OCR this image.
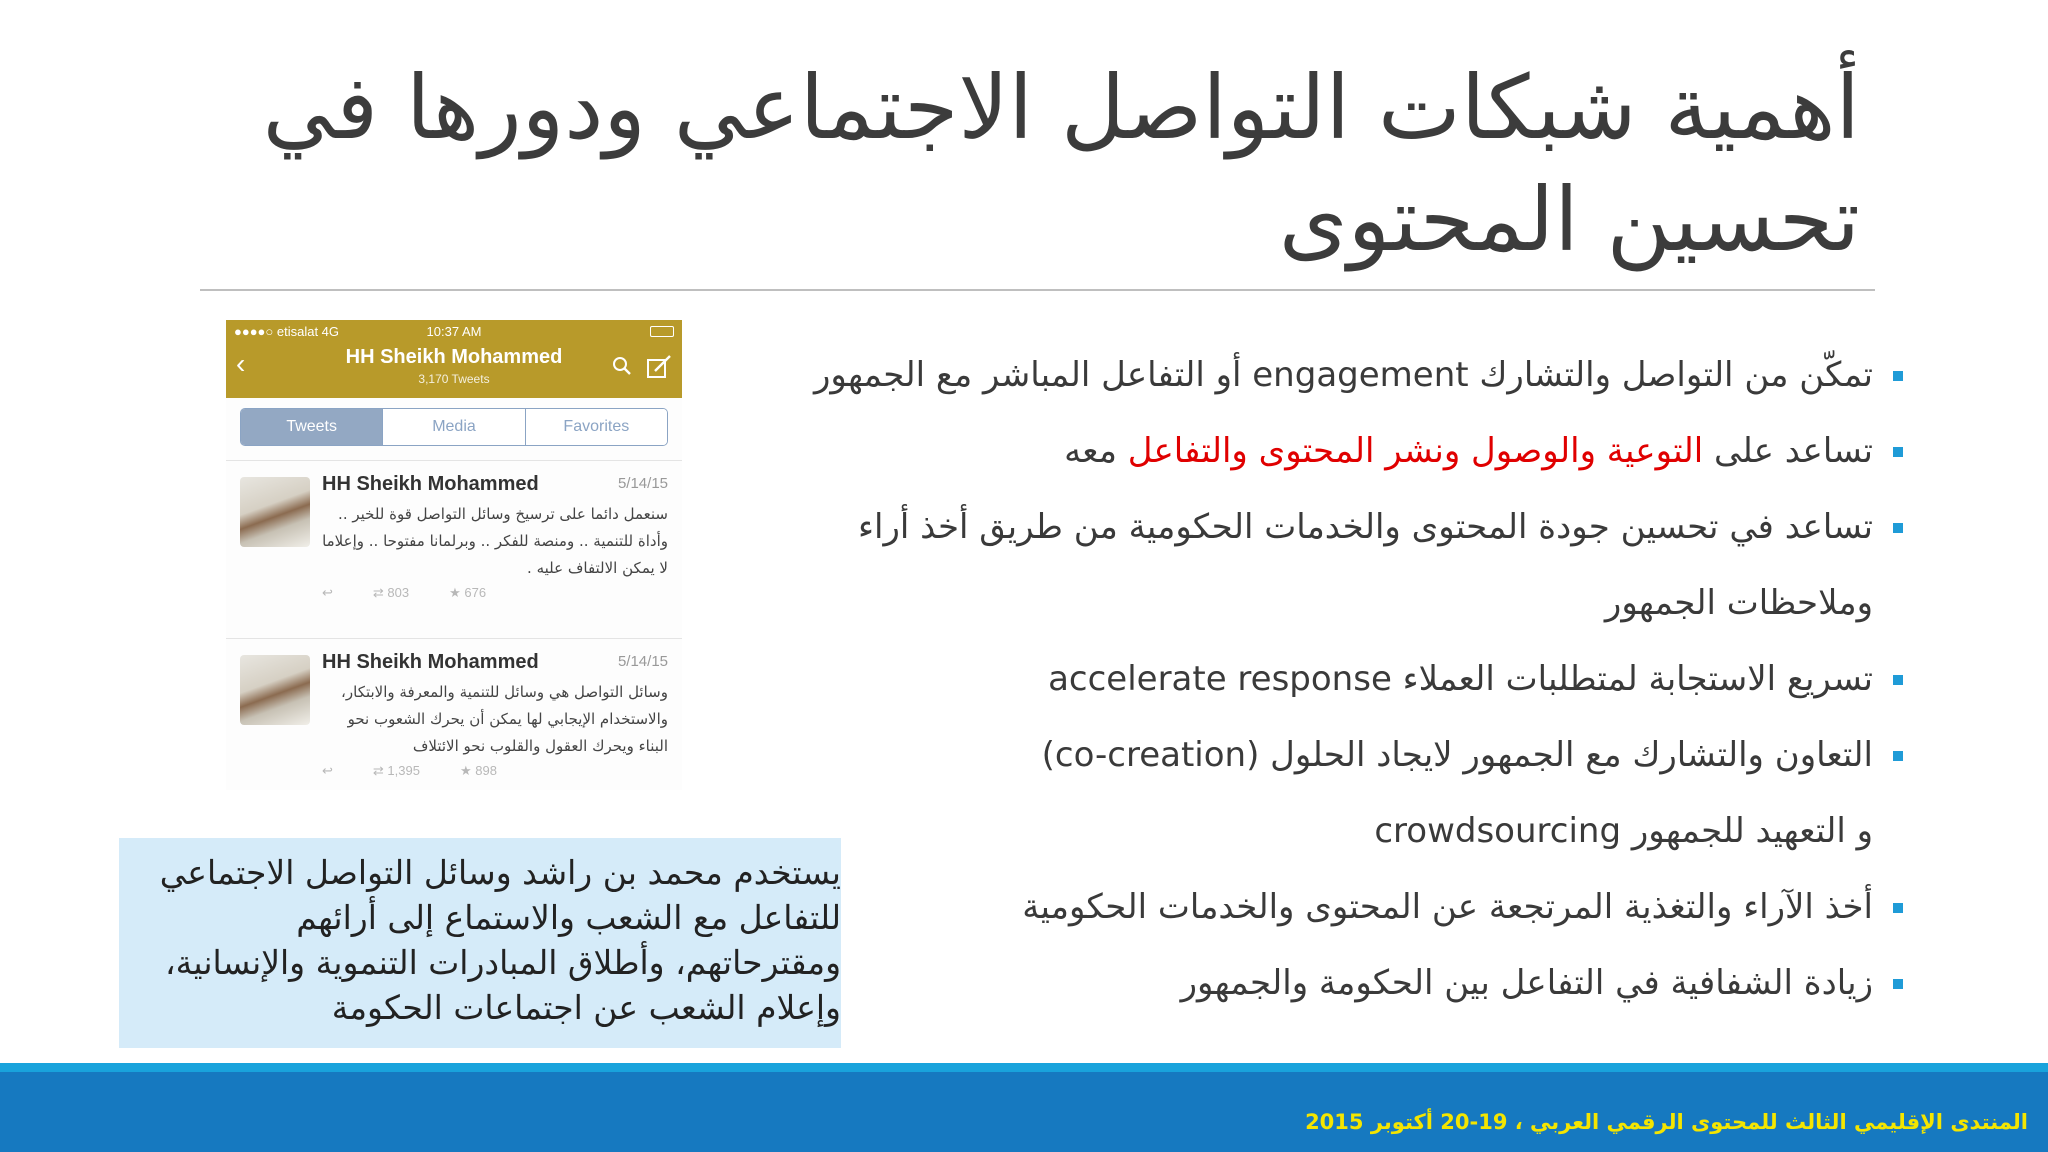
أهمية شبكات التواصل الاجتماعي ودورها في تحسين المحتوى
تمكّن من التواصل والتشارك engagement أو التفاعل المباشر مع الجمهور
تساعد على التوعية والوصول ونشر المحتوى والتفاعل معه
تساعد في تحسين جودة المحتوى والخدمات الحكومية من طريق أخذ أراء
وملاحظات الجمهور
تسريع الاستجابة لمتطلبات العملاء accelerate response
التعاون والتشارك مع الجمهور لايجاد الحلول (co-creation)
و التعهيد للجمهور crowdsourcing
أخذ الآراء والتغذية المرتجعة عن المحتوى والخدمات الحكومية
زيادة الشفافية في التفاعل بين الحكومة والجمهور
●●●●○ etisalat 4G	10:37 AM
‹	HH Sheikh Mohammed
3,170 Tweets
Tweets	Media	Favorites
HH Sheikh Mohammed	5/14/15
سنعمل دائما على ترسيخ وسائل التواصل قوة للخير .. وأداة للتنمية .. ومنصة للفكر .. وبرلمانا مفتوحا .. وإعلاما لا يمكن الالتفاف عليه .
↩	⇄ 803	★ 676
HH Sheikh Mohammed	5/14/15
وسائل التواصل هي وسائل للتنمية والمعرفة والابتكار، والاستخدام الإيجابي لها يمكن أن يحرك الشعوب نحو البناء ويحرك العقول والقلوب نحو الائتلاف
↩	⇄ 1,395	★ 898
يستخدم محمد بن راشد وسائل التواصل الاجتماعي للتفاعل مع الشعب والاستماع إلى أرائهم ومقترحاتهم، وأطلاق المبادرات التنموية والإنسانية، وإعلام الشعب عن اجتماعات الحكومة
المنتدى الإقليمي الثالث للمحتوى الرقمي العربي ، 19-20 أكتوبر 2015
